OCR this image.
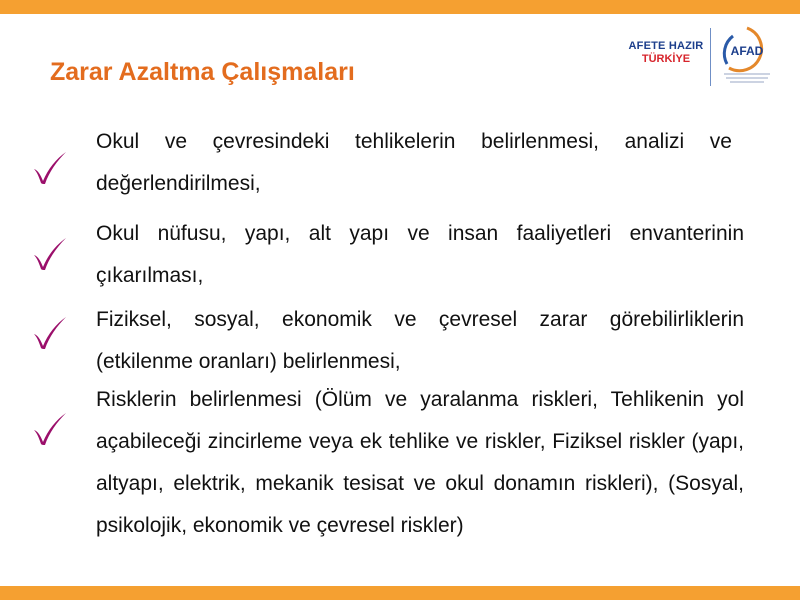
Zarar Azaltma Çalışmaları
AFETE HAZIR
TÜRKİYE
AFAD

Okul ve çevresindeki tehlikelerin belirlenmesi, analizi ve değerlendirilmesi,

Okul nüfusu, yapı, alt yapı ve insan faaliyetleri envanterinin çıkarılması,

Fiziksel, sosyal, ekonomik ve çevresel zarar görebilirliklerin (etkilenme oranları) belirlenmesi,

Risklerin belirlenmesi (Ölüm ve yaralanma riskleri, Tehlikenin yol açabileceği zincirleme veya ek tehlike ve riskler, Fiziksel riskler (yapı, altyapı, elektrik, mekanik tesisat ve okul donamın riskleri), (Sosyal, psikolojik, ekonomik ve çevresel riskler)
